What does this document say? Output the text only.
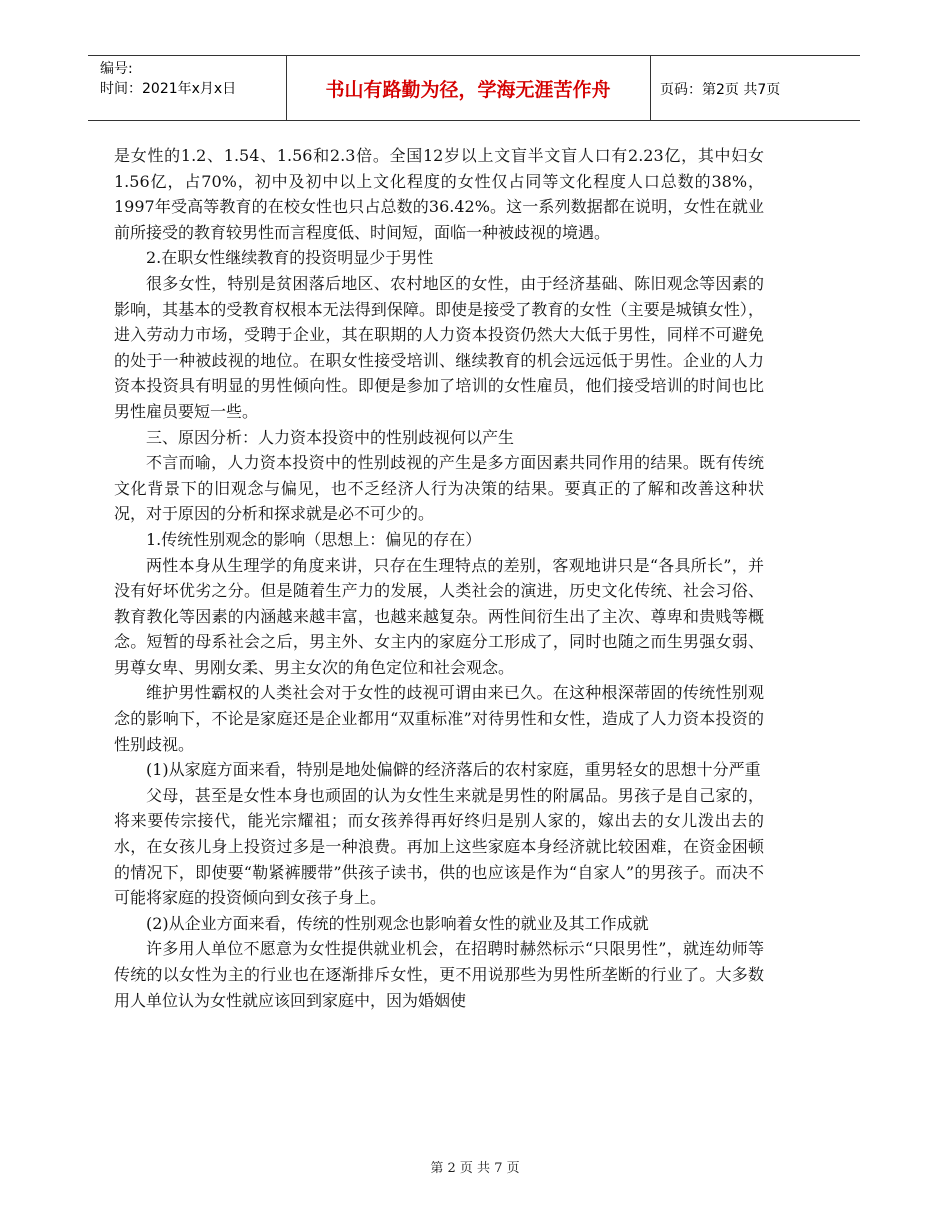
编号:
时间：2021年x月x日	书山有路勤为径，学海无涯苦作舟	页码：第2页 共7页

是女性的1.2、1.54、1.56和2.3倍。全国12岁以上文盲半文盲人口有2.23亿，其中妇女1.56亿，占70%，初中及初中以上文化程度的女性仅占同等文化程度人口总数的38%，1997年受高等教育的在校女性也只占总数的36.42%。这一系列数据都在说明，女性在就业前所接受的教育较男性而言程度低、时间短，面临一种被歧视的境遇。

2.在职女性继续教育的投资明显少于男性

很多女性，特别是贫困落后地区、农村地区的女性，由于经济基础、陈旧观念等因素的影响，其基本的受教育权根本无法得到保障。即使是接受了教育的女性（主要是城镇女性），进入劳动力市场，受聘于企业，其在职期的人力资本投资仍然大大低于男性，同样不可避免的处于一种被歧视的地位。在职女性接受培训、继续教育的机会远远低于男性。企业的人力资本投资具有明显的男性倾向性。即便是参加了培训的女性雇员，他们接受培训的时间也比男性雇员要短一些。

三、原因分析：人力资本投资中的性别歧视何以产生

不言而喻，人力资本投资中的性别歧视的产生是多方面因素共同作用的结果。既有传统文化背景下的旧观念与偏见，也不乏经济人行为决策的结果。要真正的了解和改善这种状况，对于原因的分析和探求就是必不可少的。

1.传统性别观念的影响（思想上：偏见的存在）

两性本身从生理学的角度来讲，只存在生理特点的差别，客观地讲只是“各具所长”，并没有好坏优劣之分。但是随着生产力的发展，人类社会的演进，历史文化传统、社会习俗、教育教化等因素的内涵越来越丰富，也越来越复杂。两性间衍生出了主次、尊卑和贵贱等概念。短暂的母系社会之后，男主外、女主内的家庭分工形成了，同时也随之而生男强女弱、男尊女卑、男刚女柔、男主女次的角色定位和社会观念。

维护男性霸权的人类社会对于女性的歧视可谓由来已久。在这种根深蒂固的传统性别观念的影响下，不论是家庭还是企业都用“双重标准”对待男性和女性，造成了人力资本投资的性别歧视。

(1)从家庭方面来看，特别是地处偏僻的经济落后的农村家庭，重男轻女的思想十分严重

父母，甚至是女性本身也顽固的认为女性生来就是男性的附属品。男孩子是自己家的，将来要传宗接代，能光宗耀祖；而女孩养得再好终归是别人家的，嫁出去的女儿泼出去的水，在女孩儿身上投资过多是一种浪费。再加上这些家庭本身经济就比较困难，在资金困顿的情况下，即使要“勒紧裤腰带”供孩子读书，供的也应该是作为“自家人”的男孩子。而决不可能将家庭的投资倾向到女孩子身上。

(2)从企业方面来看，传统的性别观念也影响着女性的就业及其工作成就

许多用人单位不愿意为女性提供就业机会，在招聘时赫然标示“只限男性”，就连幼师等传统的以女性为主的行业也在逐渐排斥女性，更不用说那些为男性所垄断的行业了。大多数用人单位认为女性就应该回到家庭中，因为婚姻使

第 2 页 共 7 页
